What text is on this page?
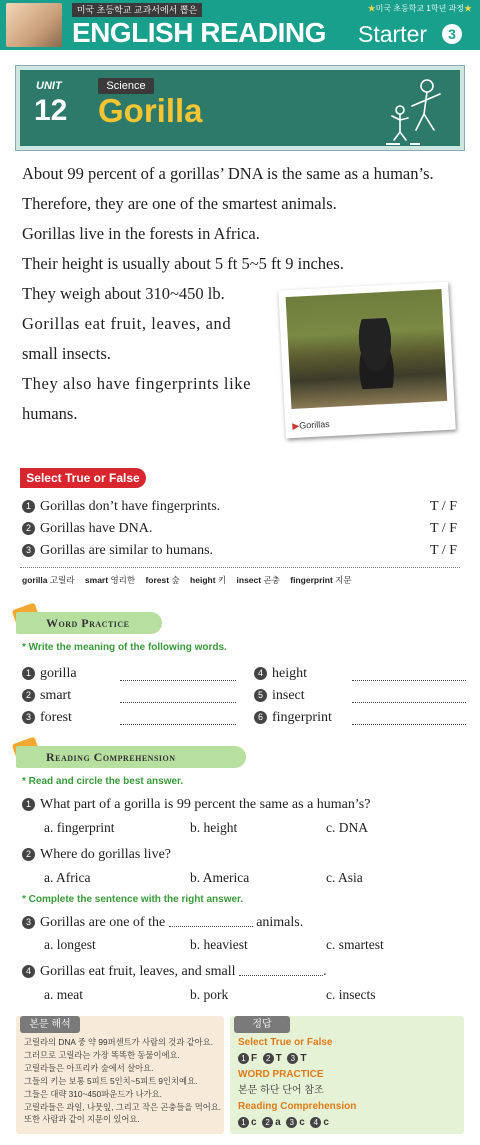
미국 초등학교 교과서에서 뽑은	★미국 초등학교 1학년 과정★
ENGLISH READING Starter	3
UNIT
12
Science
Gorilla
About 99 percent of a gorillas’ DNA is the same as a human’s.
Therefore, they are one of the smartest animals.
Gorillas live in the forests in Africa.
Their height is usually about 5 ft 5~5 ft 9 inches.
They weigh about 310~450 lb.
Gorillas eat fruit, leaves, and
small insects.
They also have fingerprints like
humans.
▶Gorillas
Select True or False
1 Gorillas don’t have fingerprints.	T / F
2 Gorillas have DNA.	T / F
3 Gorillas are similar to humans.	T / F
gorilla 고릴라 smart 영리한 forest 숲 height 키 insect 곤충 fingerprint 지문
Word Practice
* Write the meaning of the following words.
1 gorilla
2 smart
3 forest
4 height
5 insect
6 fingerprint
Reading Comprehension
* Read and circle the best answer.
1 What part of a gorilla is 99 percent the same as a human’s?
a. fingerprint	b. height	c. DNA
2 Where do gorillas live?
a. Africa	b. America	c. Asia
* Complete the sentence with the right answer.
3 Gorillas are one of the	animals.
a. longest	b. heaviest	c. smartest
4 Gorillas eat fruit, leaves, and small	.
a. meat	b. pork	c. insects
본문 해석
고릴라의 DNA 중 약 99퍼센트가 사람의 것과 같아요.
그러므로 고릴라는 가장 똑똑한 동물이에요.
고릴라들은 아프리카 숲에서 살아요.
그들의 키는 보통 5피트 5인치~5피트 9인치예요.
그들은 대략 310~450파운드가 나가요.
고릴라들은 과일, 나뭇잎, 그리고 작은 곤충들을 먹어요.
또한 사람과 같이 지문이 있어요.
정답
Select True or False
1 F 2 T 3 T
WORD PRACTICE
본문 하단 단어 참조
Reading Comprehension
1 c 2 a 3 c 4 c
